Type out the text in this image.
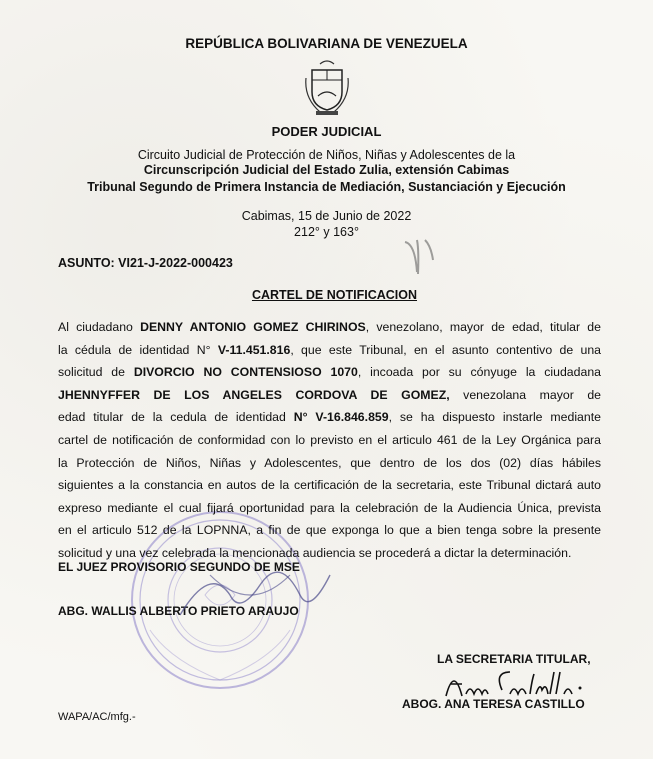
REPÚBLICA BOLIVARIANA DE VENEZUELA
PODER JUDICIAL
Circuito Judicial de Protección de Niños, Niñas y Adolescentes de la
Circunscripción Judicial del Estado Zulia, extensión Cabimas
Tribunal Segundo de Primera Instancia de Mediación, Sustanciación y Ejecución
Cabimas, 15 de Junio de 2022
212° y 163°
ASUNTO: VI21-J-2022-000423
CARTEL DE NOTIFICACION
Al ciudadano DENNY ANTONIO GOMEZ CHIRINOS, venezolano, mayor de edad, titular de
la cédula de identidad N° V-11.451.816, que este Tribunal, en el asunto contentivo de una
solicitud de DIVORCIO NO CONTENSIOSO 1070, incoada por su cónyuge la ciudadana
JHENNYFFER DE LOS ANGELES CORDOVA DE GOMEZ, venezolana mayor de
edad titular de la cedula de identidad N° V-16.846.859, se ha dispuesto instarle mediante
cartel de notificación de conformidad con lo previsto en el articulo 461 de la Ley Orgánica para
la Protección de Niños, Niñas y Adolescentes, que dentro de los dos (02) días hábiles
siguientes a la constancia en autos de la certificación de la secretaria, este Tribunal dictará auto
expreso mediante el cual fijará oportunidad para la celebración de la Audiencia Única, prevista
en el articulo 512 de la LOPNNA, a fin de que exponga lo que a bien tenga sobre la presente
solicitud y una vez celebrada la mencionada audiencia se procederá a dictar la determinación.
EL JUEZ PROVISORIO SEGUNDO DE MSE
ABG. WALLIS ALBERTO PRIETO ARAUJO
LA SECRETARIA TITULAR,
ABOG. ANA TERESA CASTILLO
WAPA/AC/mfg.-
